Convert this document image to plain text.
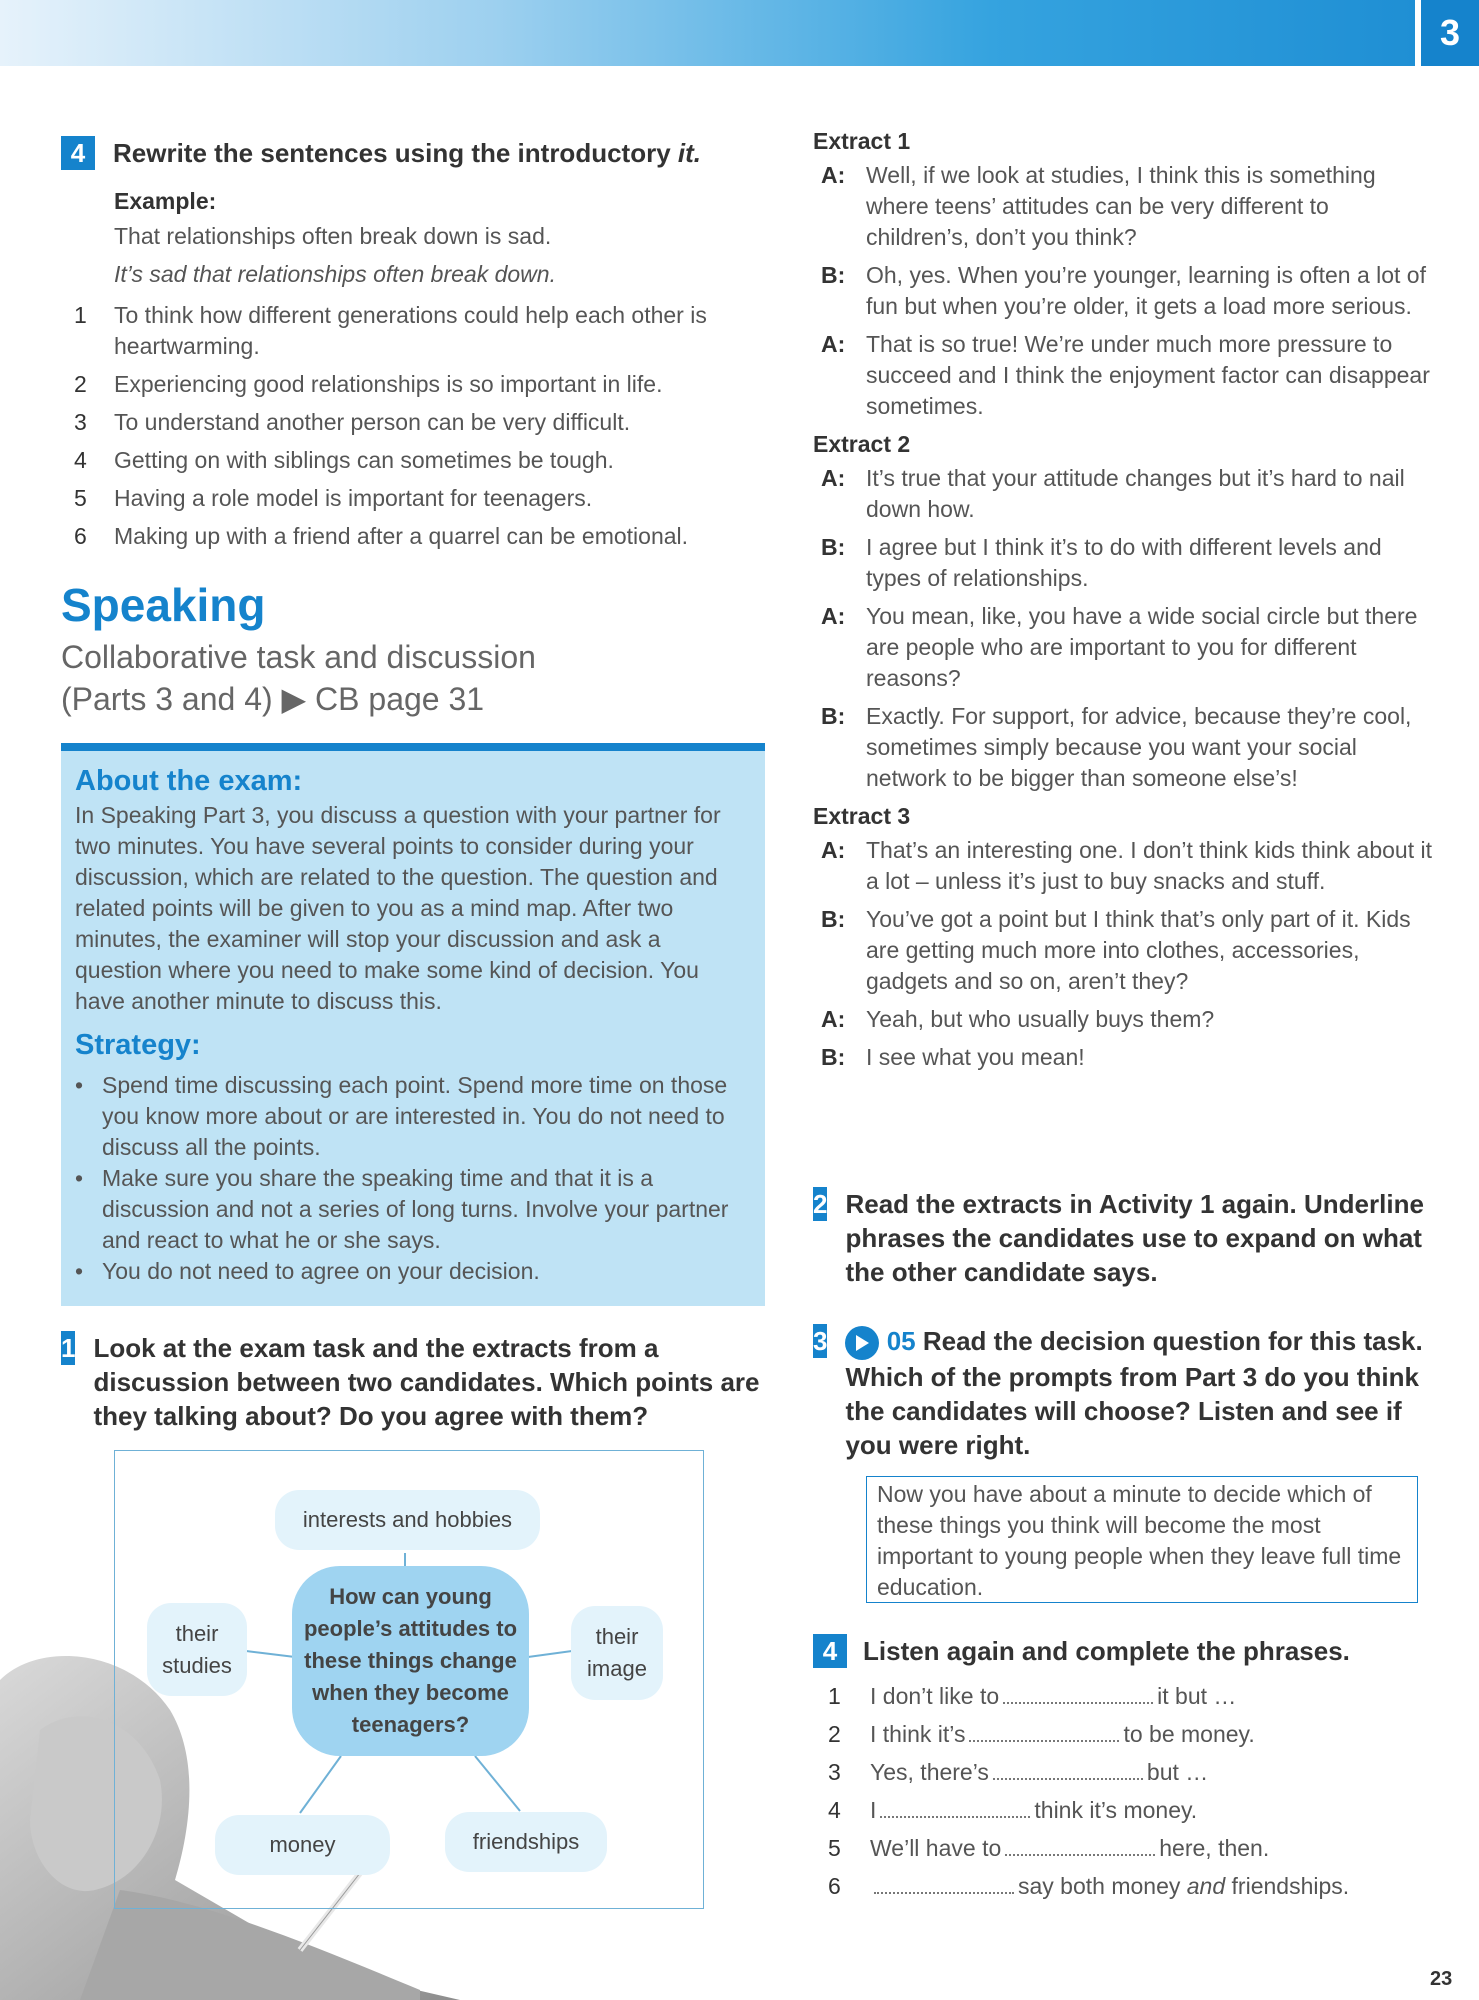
3
4	Rewrite the sentences using the introductory it.
Example:
That relationships often break down is sad.
It’s sad that relationships often break down.
1	To think how different generations could help each other is heartwarming.
2	Experiencing good relationships is so important in life.
3	To understand another person can be very difficult.
4	Getting on with siblings can sometimes be tough.
5	Having a role model is important for teenagers.
6	Making up with a friend after a quarrel can be emotional.
Speaking
Collaborative task and discussion
(Parts 3 and 4) ▶ CB page 31
About the exam:

In Speaking Part 3, you discuss a question with your partner for two minutes. You have several points to consider during your discussion, which are related to the question. The question and related points will be given to you as a mind map. After two minutes, the examiner will stop your discussion and ask a question where you need to make some kind of decision. You have another minute to discuss this.

Strategy:
• Spend time discussing each point. Spend more time on those you know more about or are interested in. You do not need to discuss all the points.
• Make sure you share the speaking time and that it is a discussion and not a series of long turns. Involve your partner and react to what he or she says.
• You do not need to agree on your decision.
1 Look at the exam task and the extracts from a discussion between two candidates. Which points are they talking about? Do you agree with them?
interests and hobbies
their studies
their image
How can young people’s attitudes to these things change when they become teenagers?
money	friendships
Extract 1
A: Well, if we look at studies, I think this is something where teens’ attitudes can be very different to children’s, don’t you think?
B: Oh, yes. When you’re younger, learning is often a lot of fun but when you’re older, it gets a load more serious.
A: That is so true! We’re under much more pressure to succeed and I think the enjoyment factor can disappear sometimes.
Extract 2
A: It’s true that your attitude changes but it’s hard to nail down how.
B: I agree but I think it’s to do with different levels and types of relationships.
A: You mean, like, you have a wide social circle but there are people who are important to you for different reasons?
B: Exactly. For support, for advice, because they’re cool, sometimes simply because you want your social network to be bigger than someone else’s!
Extract 3
A: That’s an interesting one. I don’t think kids think about it a lot – unless it’s just to buy snacks and stuff.
B: You’ve got a point but I think that’s only part of it. Kids are getting much more into clothes, accessories, gadgets and so on, aren’t they?
A: Yeah, but who usually buys them?
B: I see what you mean!
2 Read the extracts in Activity 1 again. Underline phrases the candidates use to expand on what the other candidate says.
3	05 Read the decision question for this task. Which of the prompts from Part 3 do you think the candidates will choose? Listen and see if you were right.
Now you have about a minute to decide which of these things you think will become the most important to young people when they leave full time education.
4 Listen again and complete the phrases.
1	I don’t like to	it but …
2	I think it’s	to be money.
3	Yes, there’s	but …
4	I	think it’s money.
5	We’ll have to	here, then.
6	say both money and friendships.
23
